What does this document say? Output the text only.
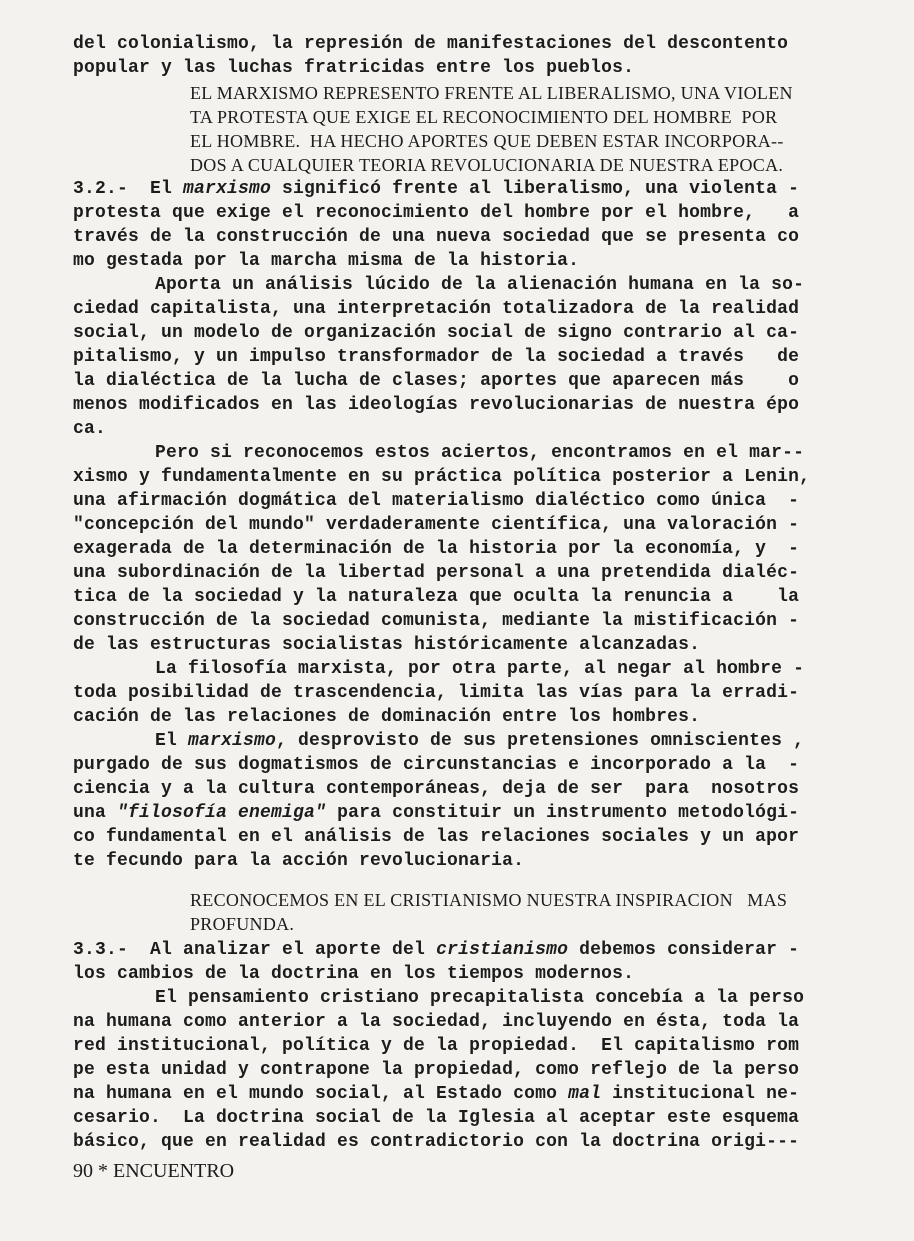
del colonialismo, la represión de manifestaciones del descontento
popular y las luchas fratricidas entre los pueblos.
EL MARXISMO REPRESENTO FRENTE AL LIBERALISMO, UNA VIOLEN
TA PROTESTA QUE EXIGE EL RECONOCIMIENTO DEL HOMBRE  POR
EL HOMBRE.  HA HECHO APORTES QUE DEBEN ESTAR INCORPORA--
DOS A CUALQUIER TEORIA REVOLUCIONARIA DE NUESTRA EPOCA.
3.2.-  El marxismo significó frente al liberalismo, una violenta -
protesta que exige el reconocimiento del hombre por el hombre,   a
través de la construcción de una nueva sociedad que se presenta co
mo gestada por la marcha misma de la historia.
Aporta un análisis lúcido de la alienación humana en la so-
ciedad capitalista, una interpretación totalizadora de la realidad
social, un modelo de organización social de signo contrario al ca-
pitalismo, y un impulso transformador de la sociedad a través   de
la dialéctica de la lucha de clases; aportes que aparecen más    o
menos modificados en las ideologías revolucionarias de nuestra épo
ca.
Pero si reconocemos estos aciertos, encontramos en el mar--
xismo y fundamentalmente en su práctica política posterior a Lenin,
una afirmación dogmática del materialismo dialéctico como única  -
"concepción del mundo" verdaderamente científica, una valoración -
exagerada de la determinación de la historia por la economía, y  -
una subordinación de la libertad personal a una pretendida dialéc-
tica de la sociedad y la naturaleza que oculta la renuncia a    la
construcción de la sociedad comunista, mediante la mistificación -
de las estructuras socialistas históricamente alcanzadas.
La filosofía marxista, por otra parte, al negar al hombre -
toda posibilidad de trascendencia, limita las vías para la erradi-
cación de las relaciones de dominación entre los hombres.
El marxismo, desprovisto de sus pretensiones omniscientes ,
purgado de sus dogmatismos de circunstancias e incorporado a la  -
ciencia y a la cultura contemporáneas, deja de ser  para  nosotros
una "filosofía enemiga" para constituir un instrumento metodológi-
co fundamental en el análisis de las relaciones sociales y un apor
te fecundo para la acción revolucionaria.
RECONOCEMOS EN EL CRISTIANISMO NUESTRA INSPIRACION   MAS
PROFUNDA.
3.3.-  Al analizar el aporte del cristianismo debemos considerar -
los cambios de la doctrina en los tiempos modernos.
El pensamiento cristiano precapitalista concebía a la perso
na humana como anterior a la sociedad, incluyendo en ésta, toda la
red institucional, política y de la propiedad.  El capitalismo rom
pe esta unidad y contrapone la propiedad, como reflejo de la perso
na humana en el mundo social, al Estado como mal institucional ne-
cesario.  La doctrina social de la Iglesia al aceptar este esquema
básico, que en realidad es contradictorio con la doctrina origi---
90 * ENCUENTRO
